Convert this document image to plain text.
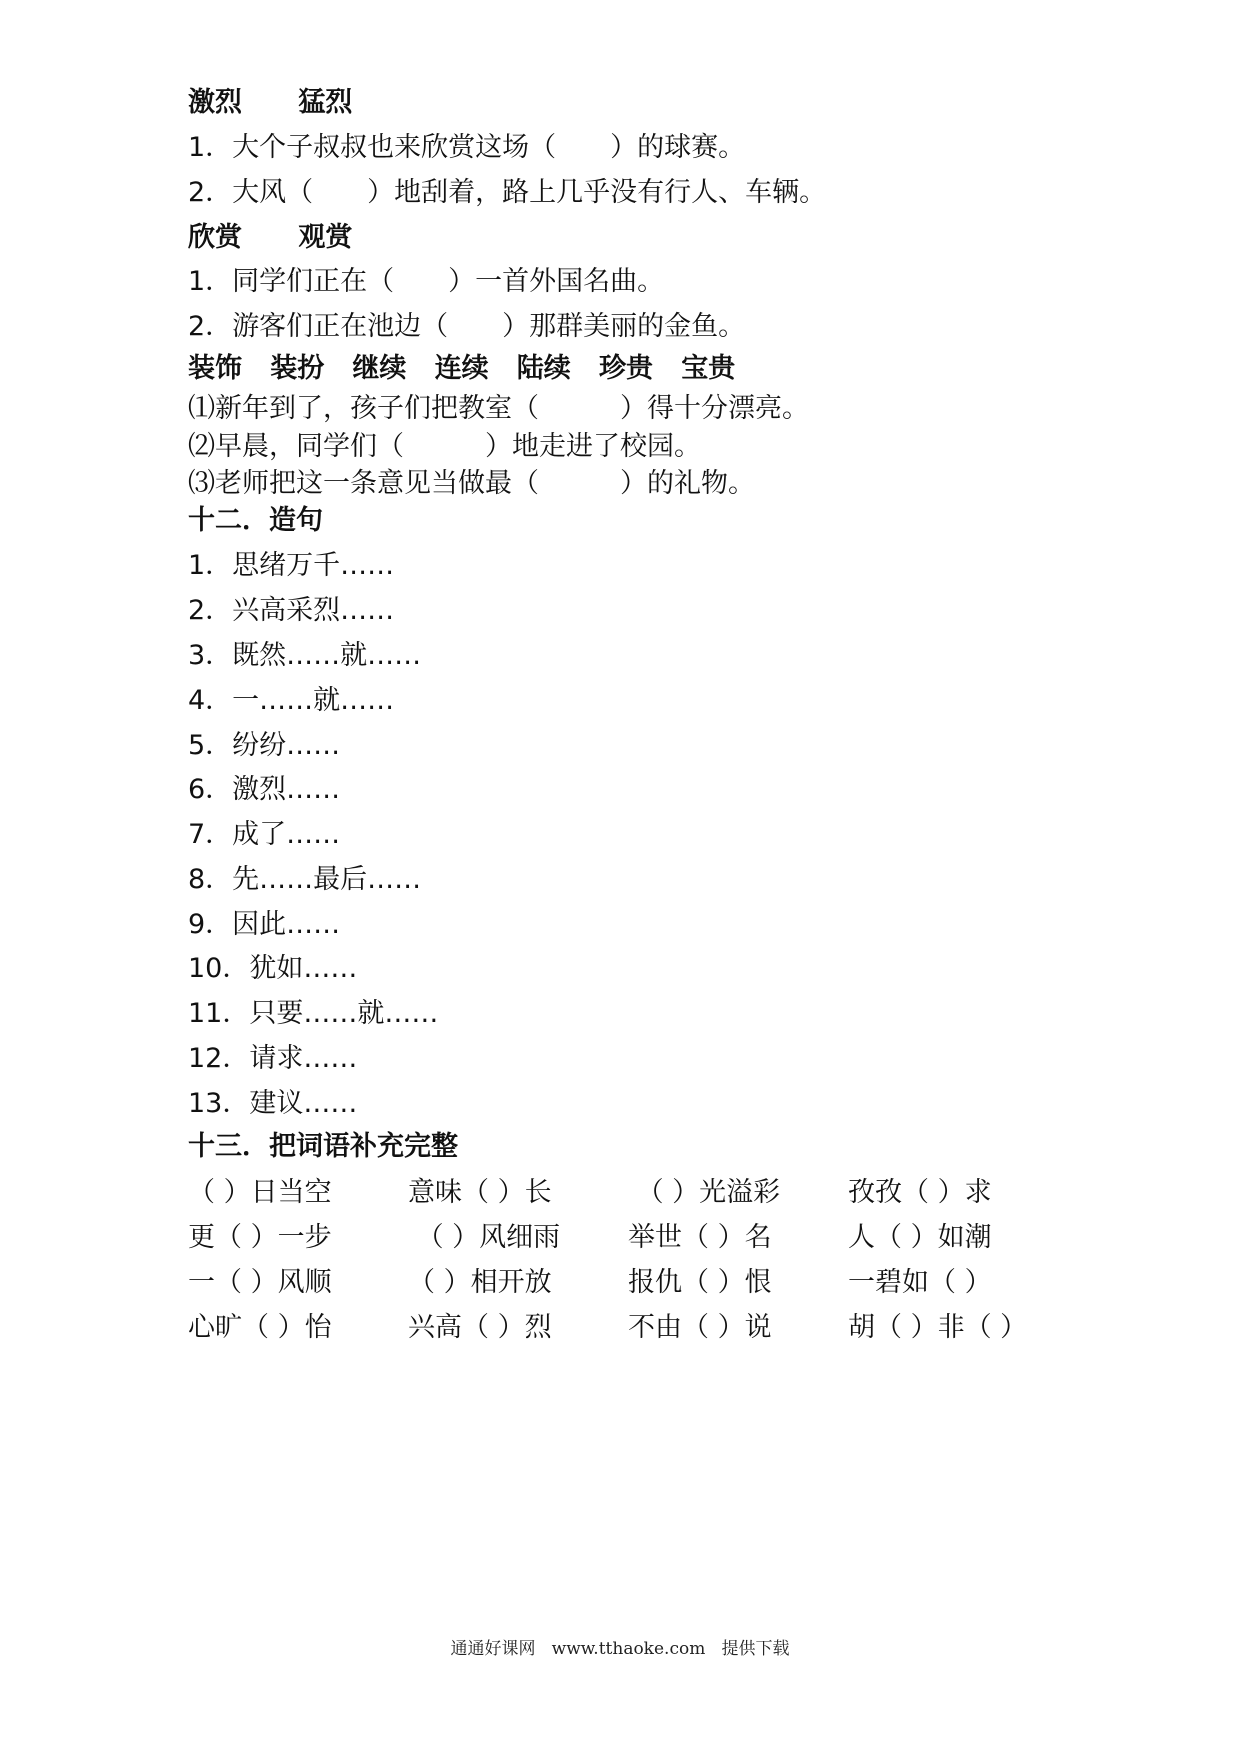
激烈      猛烈
1．大个子叔叔也来欣赏这场（　　）的球赛。
2．大风（　　）地刮着，路上几乎没有行人、车辆。
欣赏      观赏
1．同学们正在（　　）一首外国名曲。
2．游客们正在池边（　　）那群美丽的金鱼。
装饰   装扮   继续   连续   陆续   珍贵   宝贵
⑴新年到了，孩子们把教室（　　　）得十分漂亮。
⑵早晨，同学们（　　　）地走进了校园。
⑶老师把这一条意见当做最（　　　）的礼物。
十二．造句
1．思绪万千……
2．兴高采烈……
3．既然……就……
4．一……就……
5．纷纷……
6．激烈……
7．成了……
8．先……最后……
9．因此……
10．犹如……
11．只要……就……
12．请求……
13．建议……
十三．把词语补充完整
（ ）日当空	意味（ ）长	（ ）光溢彩	孜孜（ ）求
更（ ）一步	（ ）风细雨	举世（ ）名	人（ ）如潮
一（ ）风顺	（ ）相开放	报仇（ ）恨	一碧如（ ）
心旷（ ）怡	兴高（ ）烈	不由（ ）说	胡（ ）非（ ）
通通好课网   www.tthaoke.com   提供下载
